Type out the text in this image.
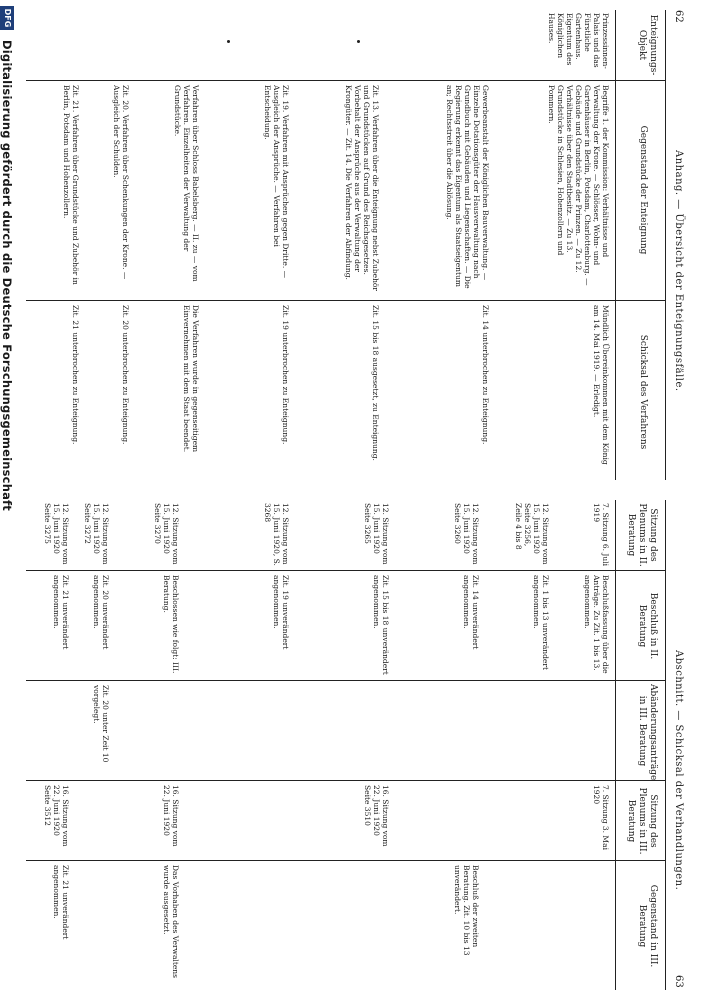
62
63
Anhang. — Übersicht der Enteignungsfälle.
Abschnitt. — Schicksal der Verhandlungen.
Enteignungs-Objekt
Gegenstand der Enteignung
Schicksal des Verfahrens
Prinzessinnen-Palais und das Fürstliche Gartenhaus. Eigentum des Königlichen Hauses.
Begriffe 1. der Kommission: Verhältnisse und Verwaltung der Krone. — Schlösser, Wohn- und Gartenhäuser in Berlin, Potsdam, Charlottenburg. — Gebäude und Grundstücke der Prinzen. — Zu 12. Verhältnisse über den Stadtbesitz. — Zu 13. Grundstücke in Schlesien, Hohenzollern und Pommern.
Mündlich Übereinkommen mit dem König am 14. Mai 1919. — Erledigt.
Gewerbeanstalt der Königlichen Bauverwaltung. — Einzelne Dotationsgüter der Hausverwaltung nach Grundbuch mit Gebäuden und Liegenschaften. — Die Regierung erkennt das Eigentum als Staatseigentum an; Rechtsstreit über die Ablösung.
Zit. 14 unterbrochen zu Enteignung.
Zit. 13. Verfahren über die Enteignung nebst Zubehör und Grundstücken auf Grund des Reichsgesetzes. Vorbehalt der Ansprüche aus der Verwaltung der Krongüter. — Zit. 14. Die Verfahren der Abfindung.
Zit. 15 bis 18 ausgesetzt, zu Enteignung.
Zit. 19. Verfahren mit Ansprüchen gegen Dritte. — Ausgleich der Ansprüche. — Verfahren bei Entscheidung.
Zit. 19 unterbrochen zu Enteignung.
Verfahren über Schloss Babelsberg. — II. zu — vom Verfahren. Einzelheiten der Verwaltung der Grundstücke.
Die Verfahren wurde in gegenseitigem Einvernehmen mit dem Staat beendet.
Zit. 20. Verfahren über Schenkungen der Krone. — Ausgleich der Schulden.
Zit. 20 unterbrochen zu Enteignung.
Zit. 21. Verfahren über Grundstücke und Zubehör in Berlin, Potsdam und Hohenzollern.
Zit. 21 unterbrochen zu Enteignung.
Sitzung des Plenums in II. Beratung
Beschluß in II. Beratung
Abänderungsanträge in III. Beratung
Sitzung des Plenums in III. Beratung
Gegenstand in III. Beratung
7. Sitzung 6. Juli 1919
Beschlußfassung über die Anträge. Zu Zit. 1 bis 13. angenommen.
7. Sitzung 3. Mai 1920
12. Sitzung vom 15. Juni 1920 Seite 3256, Zeile 4 bis 8
Zit. 1 bis 13 unverändert angenommen.
12. Sitzung vom 15. Juni 1920 Seite 3260
Zit. 14 unverändert angenommen.
Beschluß der zweiten Beratung. Zit. 10 bis 13 unverändert.
12. Sitzung vom 15. Juni 1920 Seite 3265
Zit. 15 bis 18 unverändert angenommen.
16. Sitzung vom 22. Juni 1920 Seite 3510
12. Sitzung vom 15. Juni 1920, S. 3268
Zit. 19 unverändert angenommen.
12. Sitzung vom 15. Juni 1920 Seite 3270
Beschlossen wie folgt: III. Beratung.
16. Sitzung vom 22. Juni 1920
Das Vorhaben des Verwaltens wurde ausgesetzt.
12. Sitzung vom 15. Juni 1920 Seite 3272
Zit. 20 unverändert angenommen.
Zit. 20 unter Zeit 10 vorgelegt.
12. Sitzung vom 15. Juni 1920 Seite 3275
Zit. 21 unverändert angenommen.
16. Sitzung vom 22. Juni 1920 Seite 3512
Zit. 21 unverändert angenommen.
DFG
Digitalisierung gefördert durch die Deutsche Forschungsgemeinschaft
